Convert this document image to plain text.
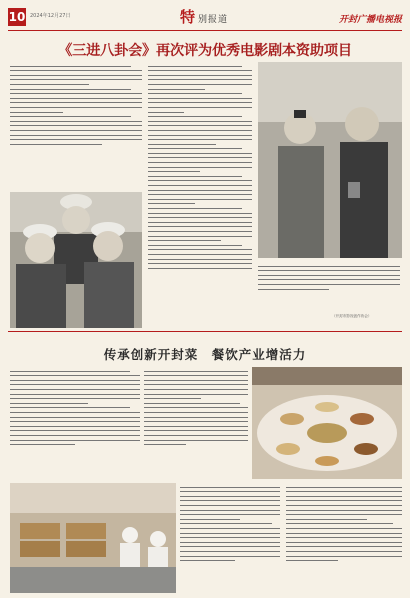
10 2024年12月27日	特别报道	开封广播电视报
《三进八卦会》再次评为优秀电影剧本资助项目
（开封市影视创作协会）
传承创新开封菜　餐饮产业增活力
